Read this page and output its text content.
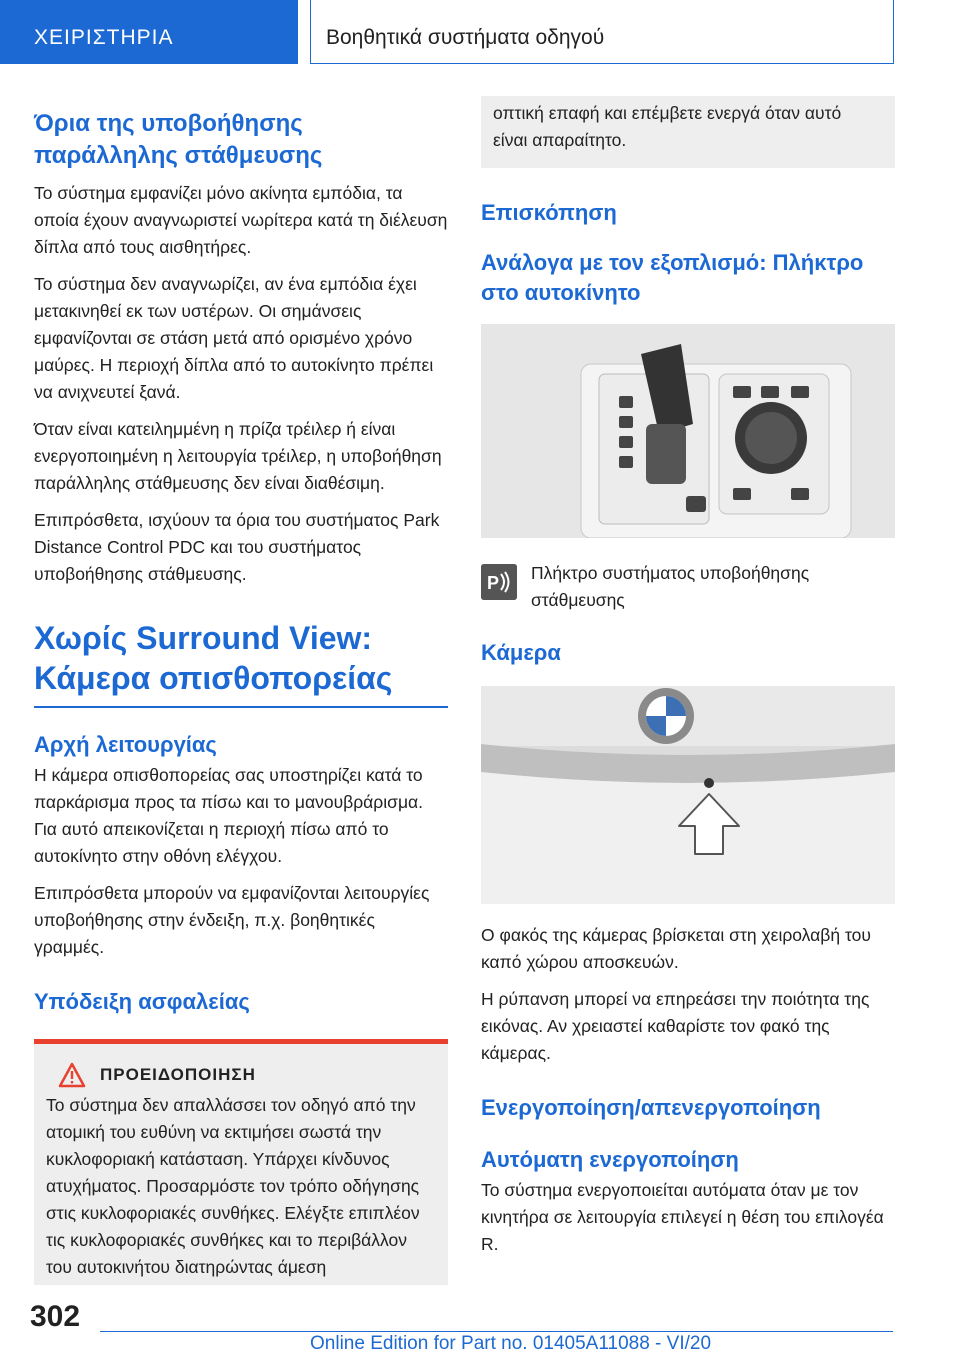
ΧΕΙΡΙΣΤΗΡΙΑ	Βοηθητικά συστήματα οδηγού
Όρια της υποβοήθησης παράλληλης στάθμευσης

Το σύστημα εμφανίζει μόνο ακίνητα εμπόδια, τα οποία έχουν αναγνωριστεί νωρίτερα κατά τη διέλευση δίπλα από τους αισθητήρες.

Το σύστημα δεν αναγνωρίζει, αν ένα εμπόδια έχει μετακινηθεί εκ των υστέρων. Οι σημάνσεις εμφανίζονται σε στάση μετά από ορισμένο χρόνο μαύρες. Η περιοχή δίπλα από το αυτοκίνητο πρέπει να ανιχνευτεί ξανά.

Όταν είναι κατειλημμένη η πρίζα τρέιλερ ή είναι ενεργοποιημένη η λειτουργία τρέιλερ, η υποβοήθηση παράλληλης στάθμευσης δεν είναι διαθέσιμη.

Επιπρόσθετα, ισχύουν τα όρια του συστήματος Park Distance Control PDC και του συστήματος υποβοήθησης στάθμευσης.

Χωρίς Surround View: Κάμερα οπισθοπορείας
Αρχή λειτουργίας

Η κάμερα οπισθοπορείας σας υποστηρίζει κατά το παρκάρισμα προς τα πίσω και το μανουβράρισμα. Για αυτό απεικονίζεται η περιοχή πίσω από το αυτοκίνητο στην οθόνη ελέγχου.

Επιπρόσθετα μπορούν να εμφανίζονται λειτουργίες υποβοήθησης στην ένδειξη, π.χ. βοηθητικές γραμμές.

Υπόδειξη ασφαλείας
ΠΡΟΕΙΔΟΠΟΙΗΣΗ

Το σύστημα δεν απαλλάσσει τον οδηγό από την ατομική του ευθύνη να εκτιμήσει σωστά την κυκλοφοριακή κατάσταση. Υπάρχει κίνδυνος ατυχήματος. Προσαρμόστε τον τρόπο οδήγησης στις κυκλοφοριακές συνθήκες. Ελέγξτε επιπλέον τις κυκλοφοριακές συνθήκες και το περιβάλλον του αυτοκινήτου διατηρώντας άμεση

οπτική επαφή και επέμβετε ενεργά όταν αυτό είναι απαραίτητο.

Επισκόπηση
Ανάλογα με τον εξοπλισμό: Πλήκτρο στο αυτοκίνητο
P Πλήκτρο συστήματος υποβοήθησης στάθμευσης

Κάμερα

Ο φακός της κάμερας βρίσκεται στη χειρολαβή του καπό χώρου αποσκευών.

Η ρύπανση μπορεί να επηρεάσει την ποιότητα της εικόνας. Αν χρειαστεί καθαρίστε τον φακό της κάμερας.

Ενεργοποίηση/απενεργοποίηση
Αυτόματη ενεργοποίηση

Το σύστημα ενεργοποιείται αυτόματα όταν με τον κινητήρα σε λειτουργία επιλεγεί η θέση του επιλογέα R.

302
Online Edition for Part no. 01405A11088 - VI/20
